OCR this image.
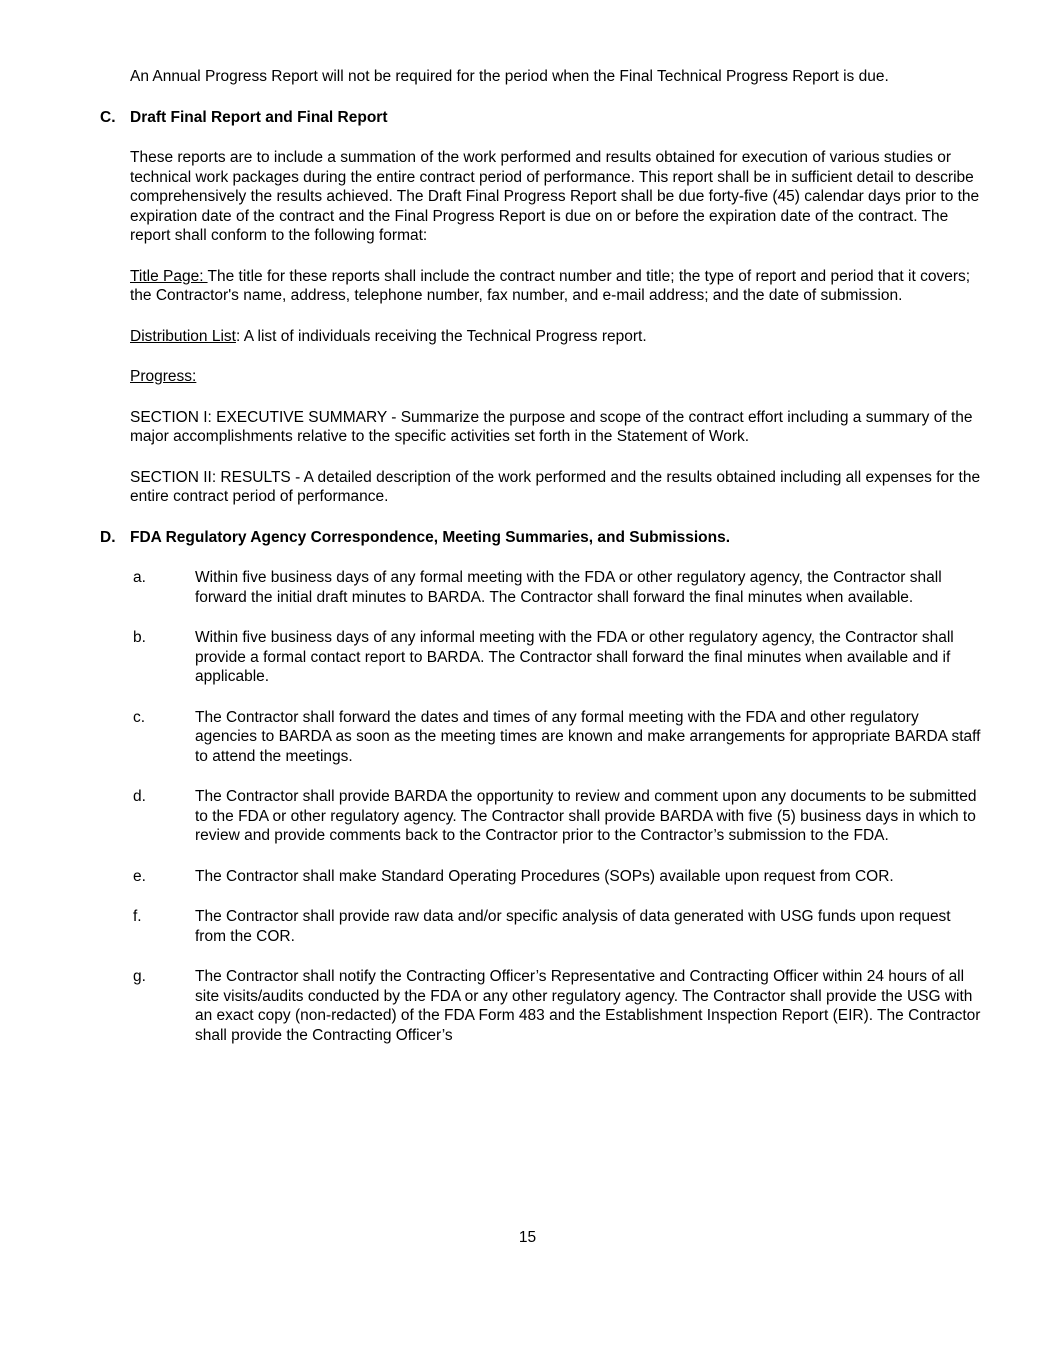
An Annual Progress Report will not be required for the period when the Final Technical Progress Report is due.

C. Draft Final Report and Final Report

These reports are to include a summation of the work performed and results obtained for execution of various studies or technical work packages during the entire contract period of performance. This report shall be in sufficient detail to describe comprehensively the results achieved. The Draft Final Progress Report shall be due forty-five (45) calendar days prior to the expiration date of the contract and the Final Progress Report is due on or before the expiration date of the contract. The report shall conform to the following format:

Title Page: The title for these reports shall include the contract number and title; the type of report and period that it covers; the Contractor's name, address, telephone number, fax number, and e-mail address; and the date of submission.

Distribution List: A list of individuals receiving the Technical Progress report.

Progress:

SECTION I: EXECUTIVE SUMMARY - Summarize the purpose and scope of the contract effort including a summary of the major accomplishments relative to the specific activities set forth in the Statement of Work.

SECTION II: RESULTS - A detailed description of the work performed and the results obtained including all expenses for the entire contract period of performance.

D. FDA Regulatory Agency Correspondence, Meeting Summaries, and Submissions.
a.	Within five business days of any formal meeting with the FDA or other regulatory agency, the Contractor shall forward the initial draft minutes to BARDA. The Contractor shall forward the final minutes when available.
b.	Within five business days of any informal meeting with the FDA or other regulatory agency, the Contractor shall provide a formal contact report to BARDA. The Contractor shall forward the final minutes when available and if applicable.
c.	The Contractor shall forward the dates and times of any formal meeting with the FDA and other regulatory agencies to BARDA as soon as the meeting times are known and make arrangements for appropriate BARDA staff to attend the meetings.
d.	The Contractor shall provide BARDA the opportunity to review and comment upon any documents to be submitted to the FDA or other regulatory agency. The Contractor shall provide BARDA with five (5) business days in which to review and provide comments back to the Contractor prior to the Contractor’s submission to the FDA.
e.	The Contractor shall make Standard Operating Procedures (SOPs) available upon request from COR.
f.	The Contractor shall provide raw data and/or specific analysis of data generated with USG funds upon request from the COR.
g.	The Contractor shall notify the Contracting Officer’s Representative and Contracting Officer within 24 hours of all site visits/audits conducted by the FDA or any other regulatory agency. The Contractor shall provide the USG with an exact copy (non-redacted) of the FDA Form 483 and the Establishment Inspection Report (EIR). The Contractor shall provide the Contracting Officer’s
15
